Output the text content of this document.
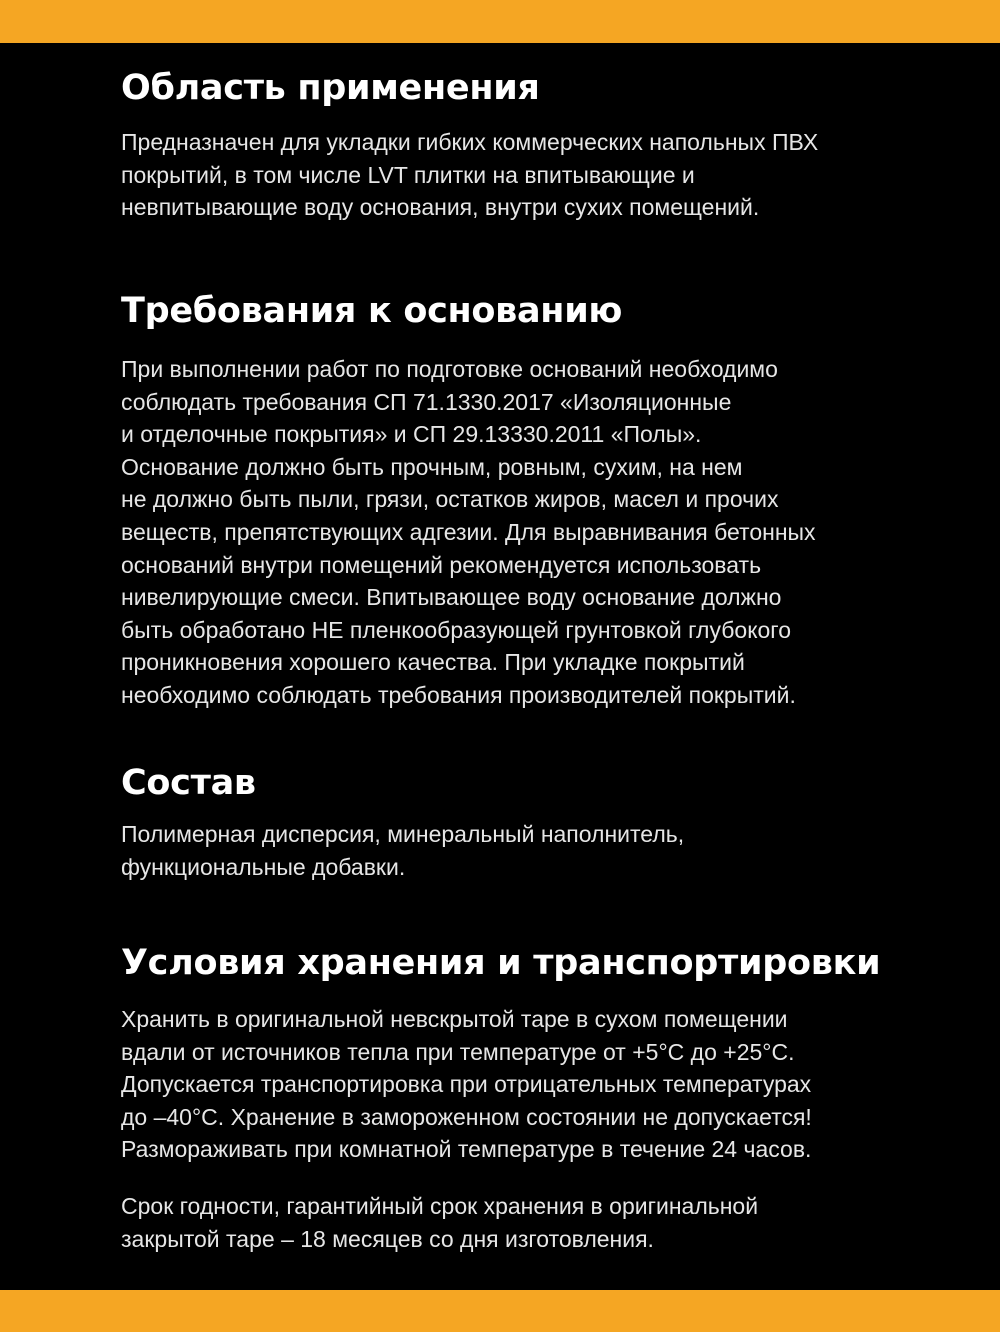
Область применения
Предназначен для укладки гибких коммерческих напольных ПВХ
покрытий, в том числе LVT плитки на впитывающие и
невпитывающие воду основания, внутри сухих помещений.
Требования к основанию
При выполнении работ по подготовке оснований необходимо
соблюдать требования СП 71.1330.2017 «Изоляционные
и отделочные покрытия» и СП 29.13330.2011 «Полы».
Основание должно быть прочным, ровным, сухим, на нем
не должно быть пыли, грязи, остатков жиров, масел и прочих
веществ, препятствующих адгезии. Для выравнивания бетонных
оснований внутри помещений рекомендуется использовать
нивелирующие смеси. Впитывающее воду основание должно
быть обработано НЕ пленкообразующей грунтовкой глубокого
проникновения хорошего качества. При укладке покрытий
необходимо соблюдать требования производителей покрытий.
Состав
Полимерная дисперсия, минеральный наполнитель,
функциональные добавки.
Условия хранения и транспортировки
Хранить в оригинальной невскрытой таре в сухом помещении
вдали от источников тепла при температуре от +5°С до +25°С.
Допускается транспортировка при отрицательных температурах
до –40°С. Хранение в замороженном состоянии не допускается!
Размораживать при комнатной температуре в течение 24 часов.
Срок годности, гарантийный срок хранения в оригинальной
закрытой таре – 18 месяцев со дня изготовления.
